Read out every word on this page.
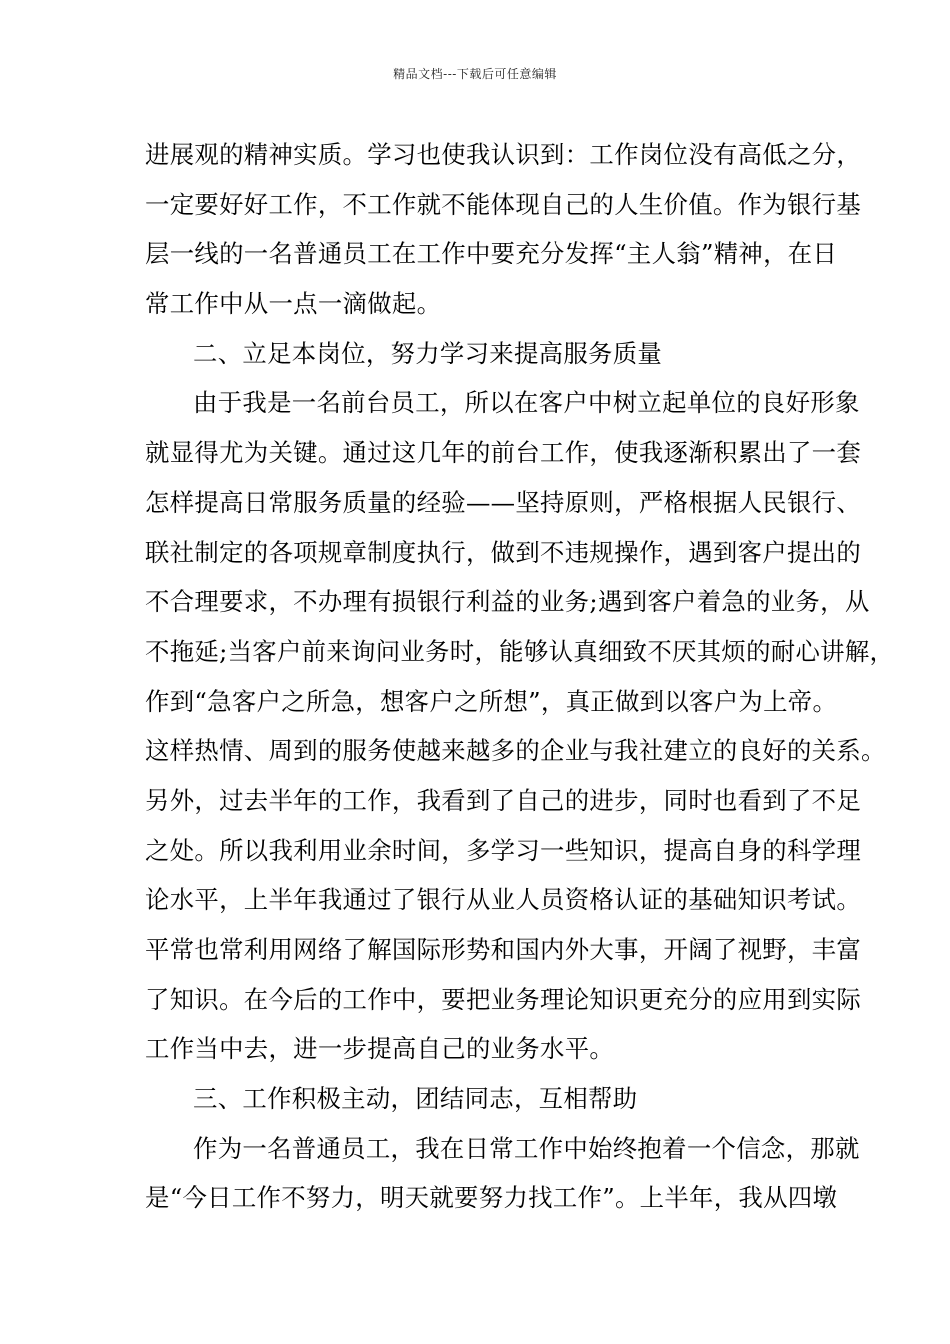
精品文档---下载后可任意编辑
进展观的精神实质。学习也使我认识到：工作岗位没有高低之分，
一定要好好工作，不工作就不能体现自己的人生价值。作为银行基
层一线的一名普通员工在工作中要充分发挥“主人翁”精神，在日
常工作中从一点一滴做起。
二、立足本岗位，努力学习来提高服务质量
由于我是一名前台员工，所以在客户中树立起单位的良好形象
就显得尤为关键。通过这几年的前台工作，使我逐渐积累出了一套
怎样提高日常服务质量的经验——坚持原则，严格根据人民银行、
联社制定的各项规章制度执行，做到不违规操作，遇到客户提出的
不合理要求，不办理有损银行利益的业务;遇到客户着急的业务，从
不拖延;当客户前来询问业务时，能够认真细致不厌其烦的耐心讲解，
作到“急客户之所急，想客户之所想”，真正做到以客户为上帝。
这样热情、周到的服务使越来越多的企业与我社建立的良好的关系。
另外，过去半年的工作，我看到了自己的进步，同时也看到了不足
之处。所以我利用业余时间，多学习一些知识，提高自身的科学理
论水平，上半年我通过了银行从业人员资格认证的基础知识考试。
平常也常利用网络了解国际形势和国内外大事，开阔了视野，丰富
了知识。在今后的工作中，要把业务理论知识更充分的应用到实际
工作当中去，进一步提高自己的业务水平。
三、工作积极主动，团结同志，互相帮助
作为一名普通员工，我在日常工作中始终抱着一个信念，那就
是“今日工作不努力，明天就要努力找工作”。上半年，我从四墩
